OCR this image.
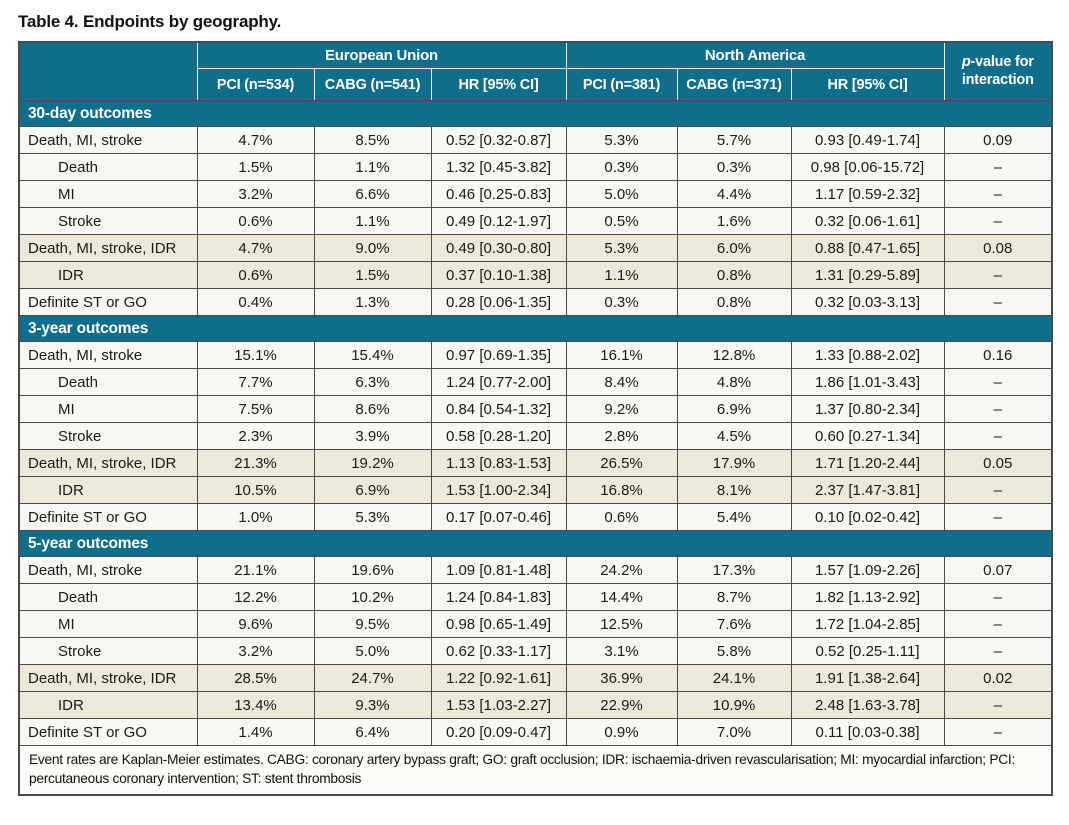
Table 4. Endpoints by geography.
	European Union			North America			p-value for
interaction
	PCI (n=534)	CABG (n=541)	HR [95% CI]	PCI (n=381)	CABG (n=371)	HR [95% CI]	
30-day outcomes							
Death, MI, stroke	4.7%	8.5%	0.52 [0.32-0.87]	5.3%	5.7%	0.93 [0.49-1.74]	0.09
Death	1.5%	1.1%	1.32 [0.45-3.82]	0.3%	0.3%	0.98 [0.06-15.72]	–
MI	3.2%	6.6%	0.46 [0.25-0.83]	5.0%	4.4%	1.17 [0.59-2.32]	–
Stroke	0.6%	1.1%	0.49 [0.12-1.97]	0.5%	1.6%	0.32 [0.06-1.61]	–
Death, MI, stroke, IDR	4.7%	9.0%	0.49 [0.30-0.80]	5.3%	6.0%	0.88 [0.47-1.65]	0.08
IDR	0.6%	1.5%	0.37 [0.10-1.38]	1.1%	0.8%	1.31 [0.29-5.89]	–
Definite ST or GO	0.4%	1.3%	0.28 [0.06-1.35]	0.3%	0.8%	0.32 [0.03-3.13]	–
3-year outcomes							
Death, MI, stroke	15.1%	15.4%	0.97 [0.69-1.35]	16.1%	12.8%	1.33 [0.88-2.02]	0.16
Death	7.7%	6.3%	1.24 [0.77-2.00]	8.4%	4.8%	1.86 [1.01-3.43]	–
MI	7.5%	8.6%	0.84 [0.54-1.32]	9.2%	6.9%	1.37 [0.80-2.34]	–
Stroke	2.3%	3.9%	0.58 [0.28-1.20]	2.8%	4.5%	0.60 [0.27-1.34]	–
Death, MI, stroke, IDR	21.3%	19.2%	1.13 [0.83-1.53]	26.5%	17.9%	1.71 [1.20-2.44]	0.05
IDR	10.5%	6.9%	1.53 [1.00-2.34]	16.8%	8.1%	2.37 [1.47-3.81]	–
Definite ST or GO	1.0%	5.3%	0.17 [0.07-0.46]	0.6%	5.4%	0.10 [0.02-0.42]	–
5-year outcomes							
Death, MI, stroke	21.1%	19.6%	1.09 [0.81-1.48]	24.2%	17.3%	1.57 [1.09-2.26]	0.07
Death	12.2%	10.2%	1.24 [0.84-1.83]	14.4%	8.7%	1.82 [1.13-2.92]	–
MI	9.6%	9.5%	0.98 [0.65-1.49]	12.5%	7.6%	1.72 [1.04-2.85]	–
Stroke	3.2%	5.0%	0.62 [0.33-1.17]	3.1%	5.8%	0.52 [0.25-1.11]	–
Death, MI, stroke, IDR	28.5%	24.7%	1.22 [0.92-1.61]	36.9%	24.1%	1.91 [1.38-2.64]	0.02
IDR	13.4%	9.3%	1.53 [1.03-2.27]	22.9%	10.9%	2.48 [1.63-3.78]	–
Definite ST or GO	1.4%	6.4%	0.20 [0.09-0.47]	0.9%	7.0%	0.11 [0.03-0.38]	–
Event rates are Kaplan-Meier estimates. CABG: coronary artery bypass graft; GO: graft occlusion; IDR: ischaemia-driven revascularisation; MI: myocardial infarction; PCI: percutaneous coronary intervention; ST: stent thrombosis							
